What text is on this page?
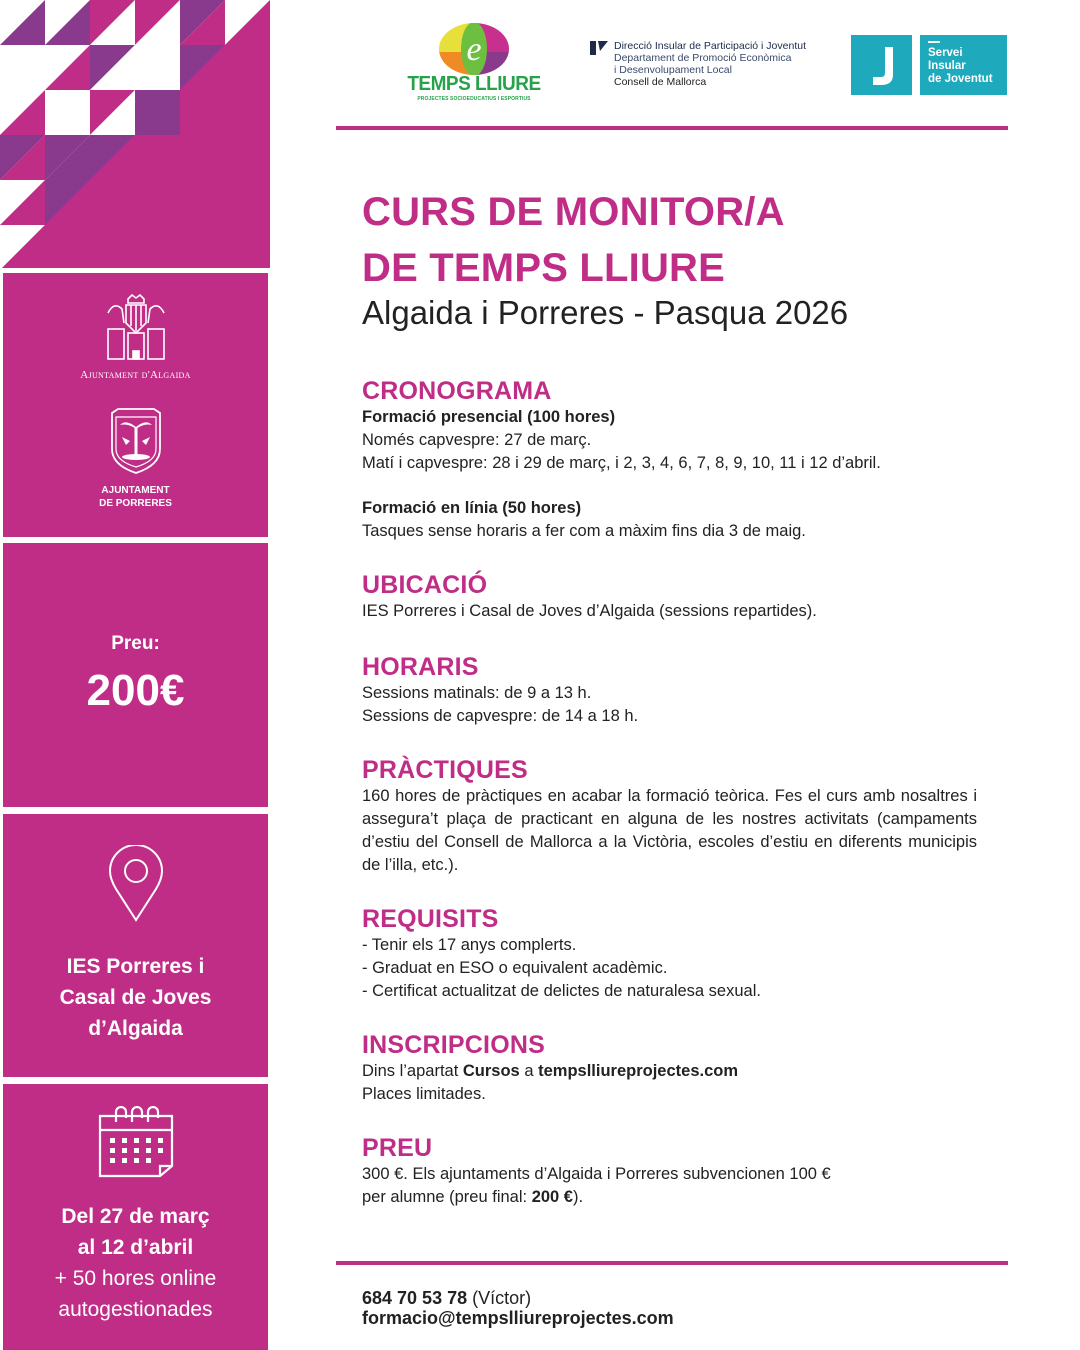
Ajuntament d'Algaida
AJUNTAMENT
DE PORRERES
Preu:
200€
IES Porreres i
Casal de Joves
d’Algaida
Del 27 de març
al 12 d’abril
+ 50 hores online
autogestionades
e
TEMPS LLIURE
PROJECTES SOCIOEDUCATIUS I ESPORTIUS
Direcció Insular de Participació i Joventut
Departament de Promoció Econòmica
i Desenvolupament Local
Consell de Mallorca
Servei
Insular
de Joventut
CURS DE MONITOR/A
DE TEMPS LLIURE
Algaida i Porreres - Pasqua 2026
CRONOGRAMA
Formació presencial (100 hores)
Només capvespre: 27 de març.
Matí i capvespre: 28 i 29 de març, i 2, 3, 4, 6, 7, 8, 9, 10, 11 i 12 d’abril.
Formació en línia (50 hores)
Tasques sense horaris a fer com a màxim fins dia 3 de maig.
UBICACIÓ
IES Porreres i Casal de Joves d’Algaida (sessions repartides).
HORARIS
Sessions matinals: de 9 a 13 h.
Sessions de capvespre: de 14 a 18 h.
PRÀCTIQUES
160 hores de pràctiques en acabar la formació teòrica. Fes el curs amb nosaltres i assegura’t plaça de practicant en alguna de les nostres activitats (campaments d’estiu del Consell de Mallorca a la Victòria, escoles d’estiu en diferents municipis de l’illa, etc.).
REQUISITS
- Tenir els 17 anys complerts.
- Graduat en ESO o equivalent acadèmic.
- Certificat actualitzat de delictes de naturalesa sexual.
INSCRIPCIONS
Dins l’apartat Cursos a tempslliureprojectes.com
Places limitades.
PREU
300 €. Els ajuntaments d’Algaida i Porreres subvencionen 100 €
per alumne (preu final: 200 €).
684 70 53 78 (Víctor)
formacio@tempslliureprojectes.com
